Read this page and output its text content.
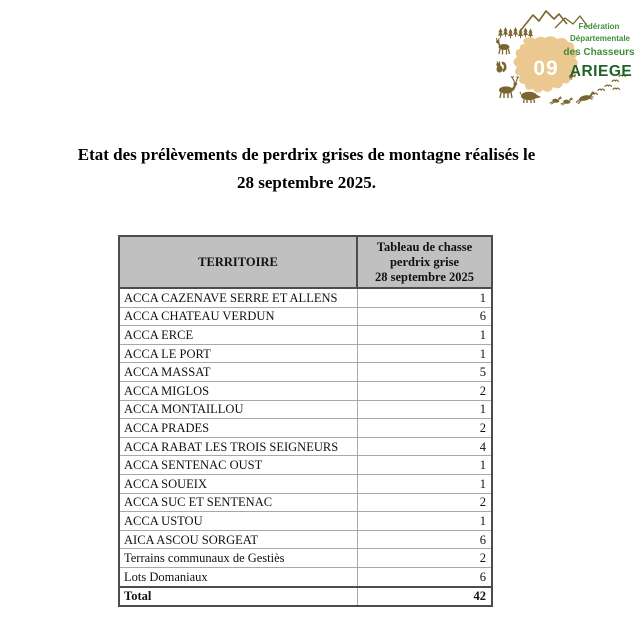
09
Fédération
Départementale
des Chasseurs
ARIEGE
Etat des prélèvements de perdrix grises de montagne réalisés le
28 septembre 2025.
TERRITOIRE	Tableau de chasse
perdrix grise
28 septembre 2025

ACCA CAZENAVE SERRE ET ALLENS	1
ACCA CHATEAU VERDUN	6
ACCA ERCE	1
ACCA LE PORT	1
ACCA MASSAT	5
ACCA MIGLOS	2
ACCA MONTAILLOU	1
ACCA PRADES	2
ACCA RABAT LES TROIS SEIGNEURS	4
ACCA SENTENAC OUST	1
ACCA SOUEIX	1
ACCA SUC ET SENTENAC	2
ACCA USTOU	1
AICA ASCOU SORGEAT	6
Terrains communaux de Gestiès	2
Lots Domaniaux	6
Total	42
